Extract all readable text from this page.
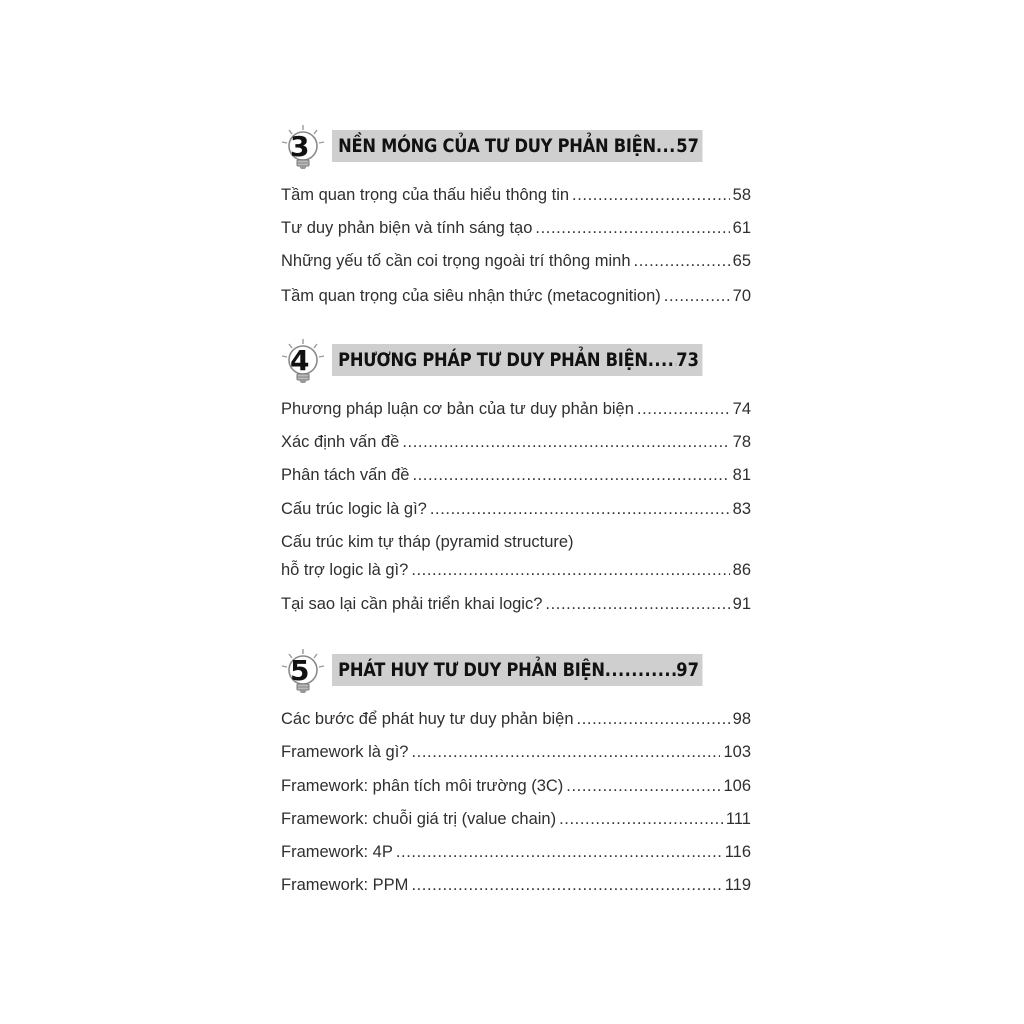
3 NỀN MÓNG CỦA TƯ DUY PHẢN BIỆN ..... 57
Tầm quan trọng của thấu hiểu thông tin .....	58
Tư duy phản biện và tính sáng tạo .....	61
Những yếu tố cần coi trọng ngoài trí thông minh .....	65
Tầm quan trọng của siêu nhận thức (metacognition) .....	70
4 PHƯƠNG PHÁP TƯ DUY PHẢN BIỆN ..... 73
Phương pháp luận cơ bản của tư duy phản biện .....	74
Xác định vấn đề .....	78
Phân tách vấn đề .....	81
Cấu trúc logic là gì? .....	83
Cấu trúc kim tự tháp (pyramid structure)
hỗ trợ logic là gì? .....	86
Tại sao lại cần phải triển khai logic? .....	91
5 PHÁT HUY TƯ DUY PHẢN BIỆN .....	97
Các bước để phát huy tư duy phản biện .....	98
Framework là gì? .....	103
Framework: phân tích môi trường (3C) .....	106
Framework: chuỗi giá trị (value chain) .....	111
Framework: 4P .....	116
Framework: PPM .....	119
